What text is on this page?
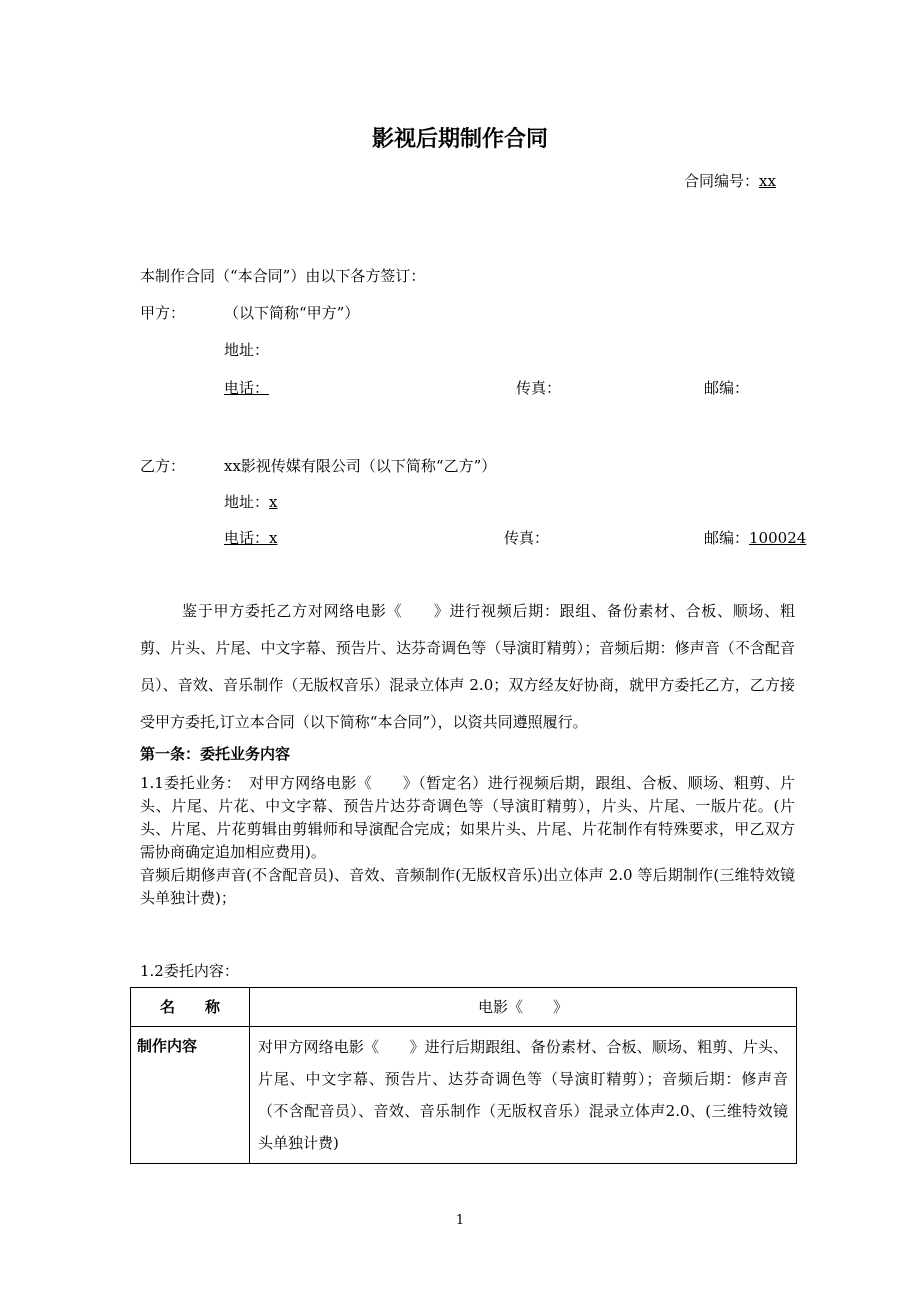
影视后期制作合同
合同编号：xx
本制作合同（“本合同”）由以下各方签订：
甲方：	（以下简称“甲方”）
地址：
电话：	传真：	邮编：
乙方：	xx影视传媒有限公司（以下简称“乙方”）
地址：x
电话：x	传真：	邮编：100024
鉴于甲方委托乙方对网络电影《　　》进行视频后期：跟组、备份素材、合板、顺场、粗剪、片头、片尾、中文字幕、预告片、达芬奇调色等（导演盯精剪）；音频后期：修声音（不含配音员）、音效、音乐制作（无版权音乐）混录立体声 2.0；双方经友好协商，就甲方委托乙方，乙方接受甲方委托,订立本合同（以下简称“本合同”），以资共同遵照履行。
第一条：委托业务内容
1.1委托业务：　对甲方网络电影《　　》（暂定名）进行视频后期，跟组、合板、顺场、粗剪、片头、片尾、片花、中文字幕、预告片达芬奇调色等（导演盯精剪），片头、片尾、一版片花。(片头、片尾、片花剪辑由剪辑师和导演配合完成；如果片头、片尾、片花制作有特殊要求，甲乙双方需协商确定追加相应费用)。
音频后期修声音(不含配音员)、音效、音频制作(无版权音乐)出立体声 2.0 等后期制作(三维特效镜头单独计费)；
1.2委托内容：
名　　称	电影《　　》
制作内容	对甲方网络电影《　　》进行后期跟组、备份素材、合板、顺场、粗剪、片头、片尾、中文字幕、预告片、达芬奇调色等（导演盯精剪）；音频后期：修声音（不含配音员）、音效、音乐制作（无版权音乐）混录立体声2.0、(三维特效镜头单独计费)
1
